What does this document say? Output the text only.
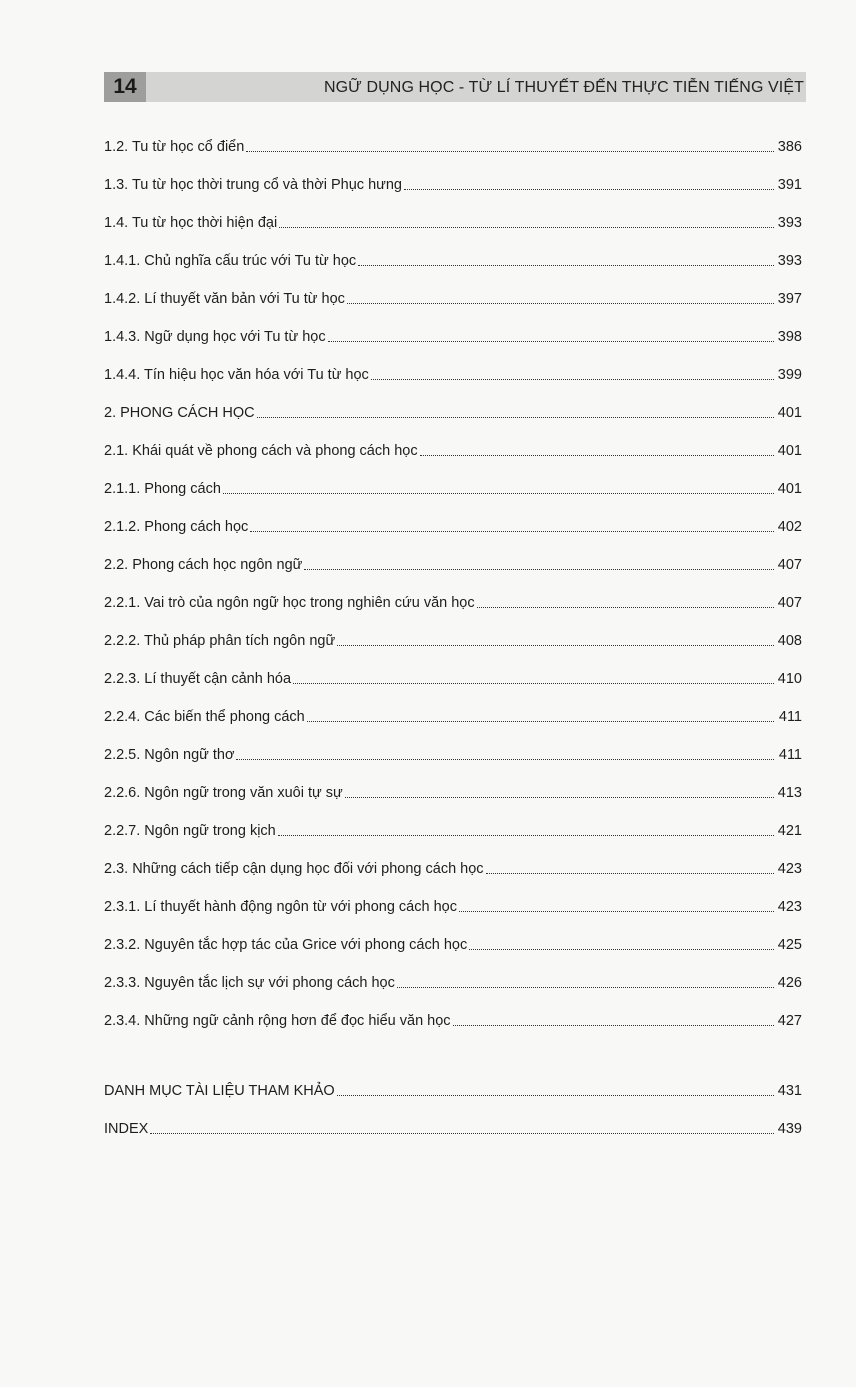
14	NGỮ DỤNG HỌC - TỪ LÍ THUYẾT ĐẾN THỰC TIỄN TIẾNG VIỆT
1.2. Tu từ học cổ điển	386
1.3. Tu từ học thời trung cổ và thời Phục hưng	391
1.4. Tu từ học thời hiện đại	393
1.4.1. Chủ nghĩa cấu trúc với Tu từ học	393
1.4.2. Lí thuyết văn bản với Tu từ học	397
1.4.3. Ngữ dụng học với Tu từ học	398
1.4.4. Tín hiệu học văn hóa với Tu từ học	399
2. PHONG CÁCH HỌC	401
2.1. Khái quát về phong cách và phong cách học	401
2.1.1. Phong cách	401
2.1.2. Phong cách học	402
2.2. Phong cách học ngôn ngữ	407
2.2.1. Vai trò của ngôn ngữ học trong nghiên cứu văn học	407
2.2.2. Thủ pháp phân tích ngôn ngữ	408
2.2.3. Lí thuyết cận cảnh hóa	410
2.2.4. Các biến thể phong cách	411
2.2.5. Ngôn ngữ thơ	411
2.2.6. Ngôn ngữ trong văn xuôi tự sự	413
2.2.7. Ngôn ngữ trong kịch	421
2.3. Những cách tiếp cận dụng học đối với phong cách học	423
2.3.1. Lí thuyết hành động ngôn từ với phong cách học	423
2.3.2. Nguyên tắc hợp tác của Grice với phong cách học	425
2.3.3. Nguyên tắc lịch sự với phong cách học	426
2.3.4. Những ngữ cảnh rộng hơn để đọc hiểu văn học	427
DANH MỤC TÀI LIỆU THAM KHẢO	431
INDEX	439
